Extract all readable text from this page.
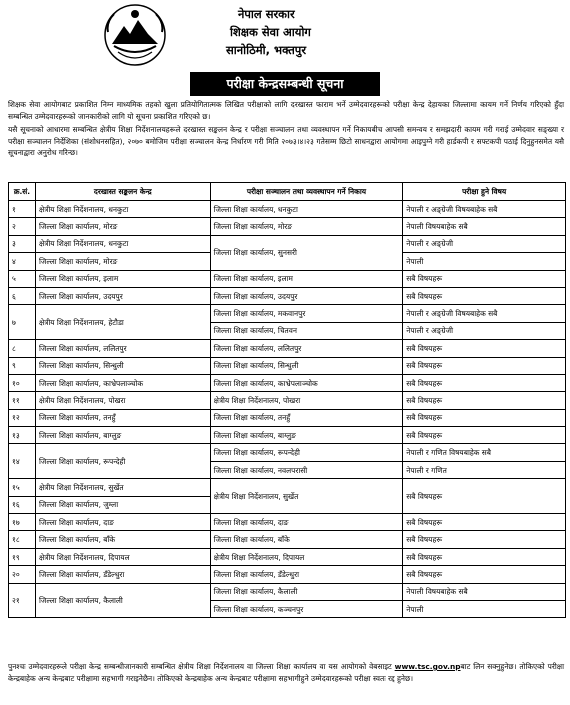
नेपाल सरकार
शिक्षक सेवा आयोग
सानोठिमी, भक्तपुर
परीक्षा केन्द्रसम्बन्धी सूचना
शिक्षक सेवा आयोगबाट प्रकाशित निम्न माध्यमिक तहको खुला प्रतियोगितात्मक लिखित परीक्षाको लागि दरखास्त फाराम भर्ने उम्मेदवारहरूको परीक्षा केन्द्र देहायका जिल्लामा कायम गर्ने निर्णय गरिएको हुँदा सम्बन्धित उम्मेदवारहरूको जानकारीको लागि यो सूचना प्रकाशित गरिएको छ।
यसै सूचनाको आधारमा सम्बन्धित क्षेत्रीय शिक्षा निर्देशनालयहरूले दरखास्त सङ्कलन केन्द्र र परीक्षा सञ्चालन तथा व्यवस्थापन गर्ने निकायबीच आपसी समन्वय र समझदारी कायम गरी गराई उम्मेदवार सङ्ख्या र परीक्षा सञ्चालन निर्देशिका (संशोधनसहित), २०७० बमोजिम परीक्षा सञ्चालन केन्द्र निर्धारण गरी मिति २०७३।४।२३ गतेसम्म छिटो साधनद्वारा आयोगमा आइपुग्ने गरी हार्डकपी र सफ्टकपी पठाई दिनुहुनसमेत यसै सूचनाद्वारा अनुरोध गरिन्छ।
क्र.सं.	दरखास्त सङ्कलन केन्द्र	परीक्षा सञ्चालन तथा व्यवस्थापन गर्ने निकाय	परीक्षा हुने विषय
१	क्षेत्रीय शिक्षा निर्देशनालय, धनकुटा	जिल्ला शिक्षा कार्यालय, धनकुटा	नेपाली र अङ्ग्रेजी विषयबाहेक सबै
२	जिल्ला शिक्षा कार्यालय, मोरङ	जिल्ला शिक्षा कार्यालय, मोरङ	नेपाली विषयबाहेक सबै
३	क्षेत्रीय शिक्षा निर्देशनालय, धनकुटा	जिल्ला शिक्षा कार्यालय, सुनसरी	नेपाली र अङ्ग्रेजी
४	जिल्ला शिक्षा कार्यालय, मोरङ		नेपाली
५	जिल्ला शिक्षा कार्यालय, इलाम	जिल्ला शिक्षा कार्यालय, इलाम	सबै विषयहरू
६	जिल्ला शिक्षा कार्यालय, उदयपुर	जिल्ला शिक्षा कार्यालय, उदयपुर	सबै विषयहरू
७	क्षेत्रीय शिक्षा निर्देशनालय, हेटौडा	जिल्ला शिक्षा कार्यालय, मकवानपुर	नेपाली र अङ्ग्रेजी विषयबाहेक सबै
		जिल्ला शिक्षा कार्यालय, चितवन	नेपाली र अङ्ग्रेजी
८	जिल्ला शिक्षा कार्यालय, ललितपुर	जिल्ला शिक्षा कार्यालय, ललितपुर	सबै विषयहरू
९	जिल्ला शिक्षा कार्यालय, सिन्धुली	जिल्ला शिक्षा कार्यालय, सिन्धुली	सबै विषयहरू
१०	जिल्ला शिक्षा कार्यालय, काभ्रेपलाञ्चोक	जिल्ला शिक्षा कार्यालय, काभ्रेपलाञ्चोक	सबै विषयहरू
११	क्षेत्रीय शिक्षा निर्देशनालय, पोखरा	क्षेत्रीय शिक्षा निर्देशनालय, पोखरा	सबै विषयहरू
१२	जिल्ला शिक्षा कार्यालय, तनहुँ	जिल्ला शिक्षा कार्यालय, तनहुँ	सबै विषयहरू
१३	जिल्ला शिक्षा कार्यालय, बाग्लुङ	जिल्ला शिक्षा कार्यालय, बाग्लुङ	सबै विषयहरू
१४	जिल्ला शिक्षा कार्यालय, रूपन्देही	जिल्ला शिक्षा कार्यालय, रूपन्देही	नेपाली र गणित विषयबाहेक सबै
		जिल्ला शिक्षा कार्यालय, नवलपरासी	नेपाली र गणित
१५	क्षेत्रीय शिक्षा निर्देशनालय, सुर्खेत	क्षेत्रीय शिक्षा निर्देशनालय, सुर्खेत	सबै विषयहरू
१६	जिल्ला शिक्षा कार्यालय, जुम्ला		
१७	जिल्ला शिक्षा कार्यालय, दाङ	जिल्ला शिक्षा कार्यालय, दाङ	सबै विषयहरू
१८	जिल्ला शिक्षा कार्यालय, बाँके	जिल्ला शिक्षा कार्यालय, बाँके	सबै विषयहरू
१९	क्षेत्रीय शिक्षा निर्देशनालय, दिपायल	क्षेत्रीय शिक्षा निर्देशनालय, दिपायल	सबै विषयहरू
२०	जिल्ला शिक्षा कार्यालय, डँडेल्धुरा	जिल्ला शिक्षा कार्यालय, डँडेल्धुरा	सबै विषयहरू
२१	जिल्ला शिक्षा कार्यालय, कैलाली	जिल्ला शिक्षा कार्यालय, कैलाली	नेपाली विषयबाहेक सबै
		जिल्ला शिक्षा कार्यालय, कञ्चनपुर	नेपाली
पुनश्चः उम्मेदवारहरूले परीक्षा केन्द्र सम्बन्धीजानकारी सम्बन्धित क्षेत्रीय शिक्षा निर्देशनालय वा जिल्ला शिक्षा कार्यालय वा यस आयोगको वेबसाइट www.tsc.gov.npबाट लिन सक्नुहुनेछ। तोकिएको परीक्षा केन्द्रबाहेक अन्य केन्द्रबाट परीक्षामा सहभागी गराइनेछैन। तोकिएको केन्द्रबाहेक अन्य केन्द्रबाट परीक्षामा सहभागीहुने उम्मेदवारहरूको परीक्षा स्वतः रद्द हुनेछ।
